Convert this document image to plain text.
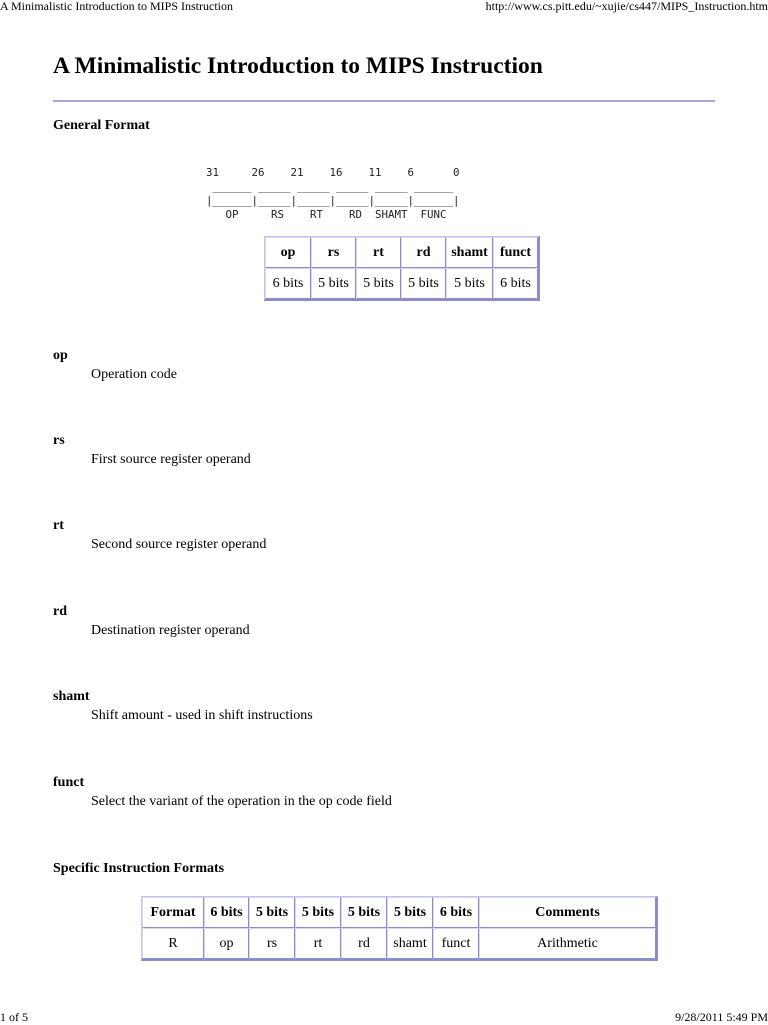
A Minimalistic Introduction to MIPS Instruction	http://www.cs.pitt.edu/~xujie/cs447/MIPS_Instruction.htm
A Minimalistic Introduction to MIPS Instruction
General Format
31     26    21    16    11    6      0
______ _____ _____ _____ _____ ______
|______|_____|_____|_____|_____|______|
OP     RS    RT    RD  SHAMT  FUNC
op	rs	rt	rd	shamt	funct
6 bits	5 bits	5 bits	5 bits	5 bits	6 bits
op
Operation code
rs
First source register operand
rt
Second source register operand
rd
Destination register operand
shamt
Shift amount - used in shift instructions
funct
Select the variant of the operation in the op code field
Specific Instruction Formats
Format	6 bits	5 bits	5 bits	5 bits	5 bits	6 bits	Comments
R	op	rs	rt	rd	shamt	funct	Arithmetic
1 of 5	9/28/2011 5:49 PM
